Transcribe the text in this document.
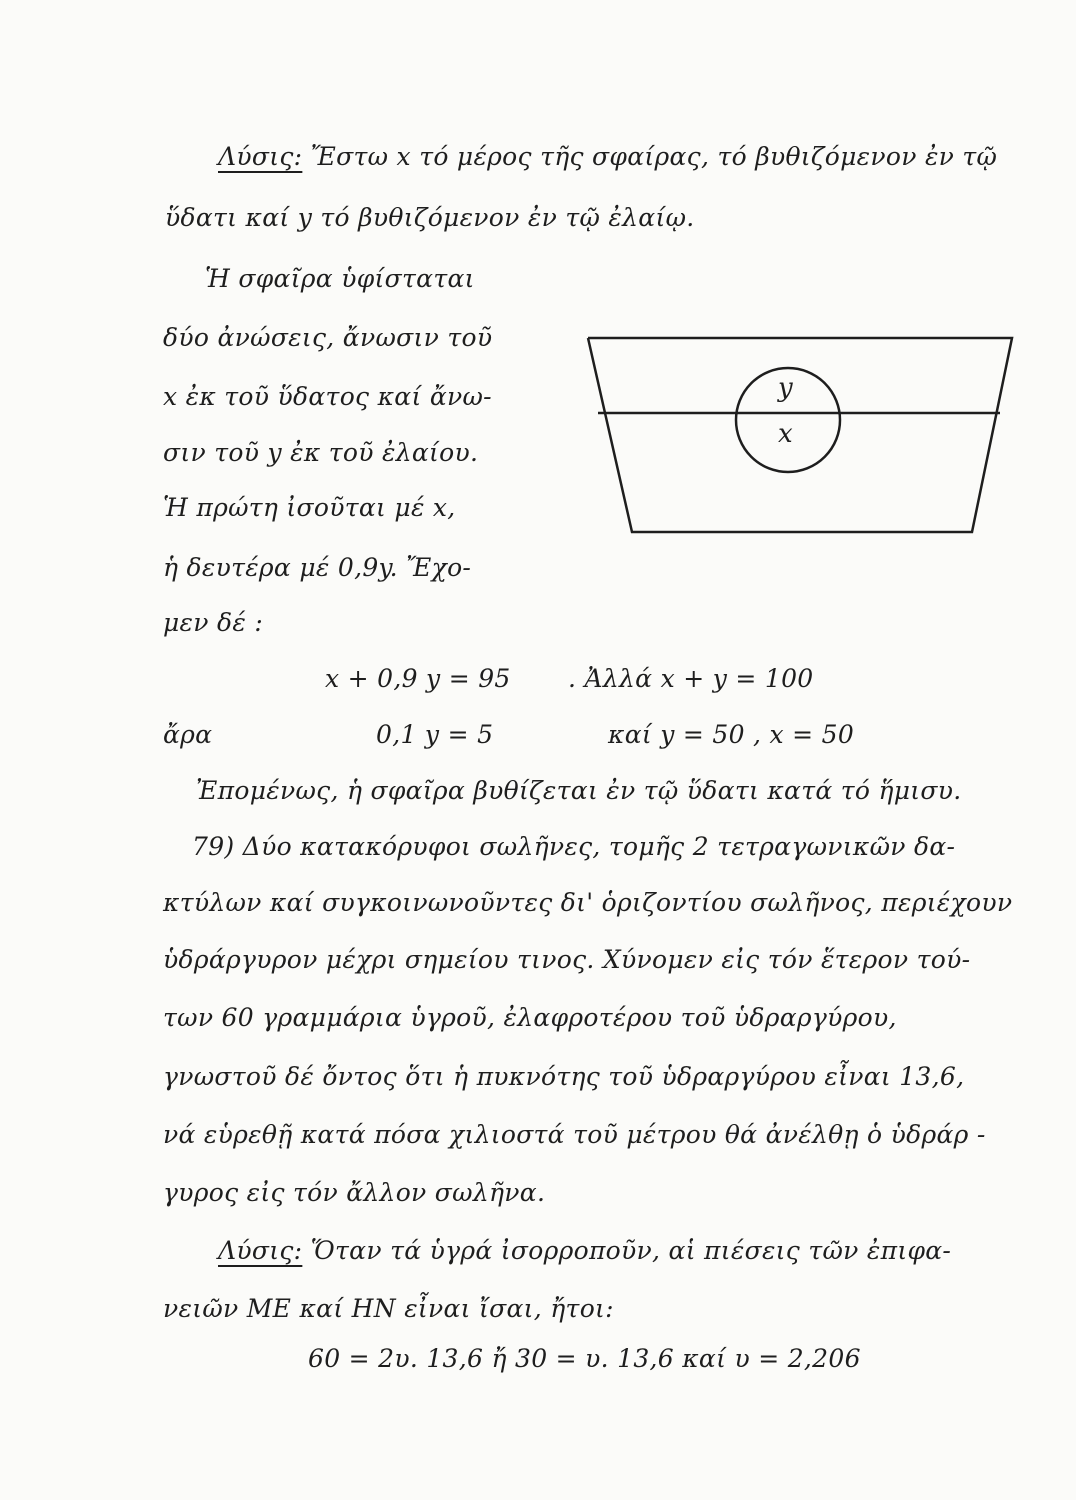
Λύσις: Ἔστω x τό μέρος τῆς σφαίρας, τό βυθιζόμενον ἐν τῷ
ὕδατι καί y τό βυθιζόμενον ἐν τῷ ἐλαίῳ.
Ἡ σφαῖρα ὑφίσταται
δύο ἀνώσεις, ἄνωσιν τοῦ
x ἐκ τοῦ ὕδατος καί ἄνω-
σιν τοῦ y ἐκ τοῦ ἐλαίου.
Ἡ πρώτη ἰσοῦται μέ x,
ἡ δευτέρα μέ 0,9y. Ἔχο-
μεν δέ :
x + 0,9 y = 95 . Ἀλλά x + y = 100
ἄρα	0,1 y = 5	καί y = 50 , x = 50
Ἐπομένως, ἡ σφαῖρα βυθίζεται ἐν τῷ ὕδατι κατά τό ἥμισυ.
y
x
79) Δύο κατακόρυφοι σωλῆνες, τομῆς 2 τετραγωνικῶν δα-
κτύλων καί συγκοινωνοῦντες δι' ὁριζοντίου σωλῆνος, περιέχουν
ὑδράργυρον μέχρι σημείου τινος. Χύνομεν εἰς τόν ἕτερον τού-
των 60 γραμμάρια ὑγροῦ, ἐλαφροτέρου τοῦ ὑδραργύρου,
γνωστοῦ δέ ὄντος ὅτι ἡ πυκνότης τοῦ ὑδραργύρου εἶναι 13,6,
νά εὑρεθῇ κατά πόσα χιλιοστά τοῦ μέτρου θά ἀνέλθῃ ὁ ὑδράρ -
γυρος εἰς τόν ἄλλον σωλῆνα.
Λύσις: Ὅταν τά ὑγρά ἰσορροποῦν, αἱ πιέσεις τῶν ἐπιφα-
νειῶν ΜΕ καί ΗΝ εἶναι ἴσαι, ἤτοι:
60 = 2υ. 13,6 ἤ 30 = υ. 13,6 καί υ = 2,206
